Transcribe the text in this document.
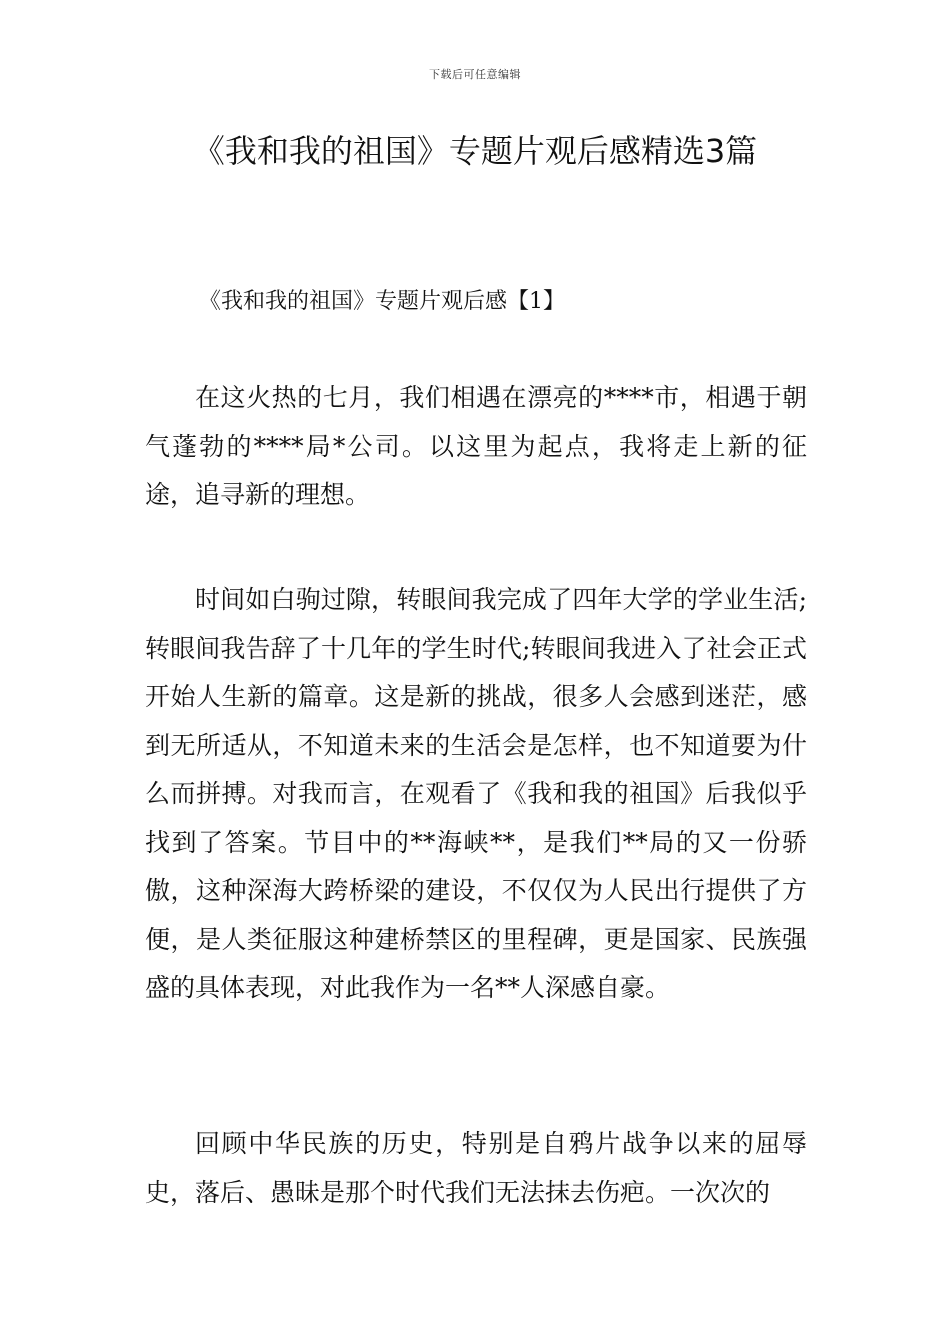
下载后可任意编辑
《我和我的祖国》专题片观后感精选3篇
《我和我的祖国》专题片观后感【1】

在这火热的七月，我们相遇在漂亮的****市，相遇于朝气蓬勃的****局*公司。以这里为起点，我将走上新的征途，追寻新的理想。

时间如白驹过隙，转眼间我完成了四年大学的学业生活;转眼间我告辞了十几年的学生时代;转眼间我进入了社会正式开始人生新的篇章。这是新的挑战，很多人会感到迷茫，感到无所适从，不知道未来的生活会是怎样，也不知道要为什么而拼搏。对我而言，在观看了《我和我的祖国》后我似乎找到了答案。节目中的**海峡**，是我们**局的又一份骄傲，这种深海大跨桥梁的建设，不仅仅为人民出行提供了方便，是人类征服这种建桥禁区的里程碑，更是国家、民族强盛的具体表现，对此我作为一名**人深感自豪。

回顾中华民族的历史，特别是自鸦片战争以来的屈辱史，落后、愚昧是那个时代我们无法抹去伤疤。一次次的
